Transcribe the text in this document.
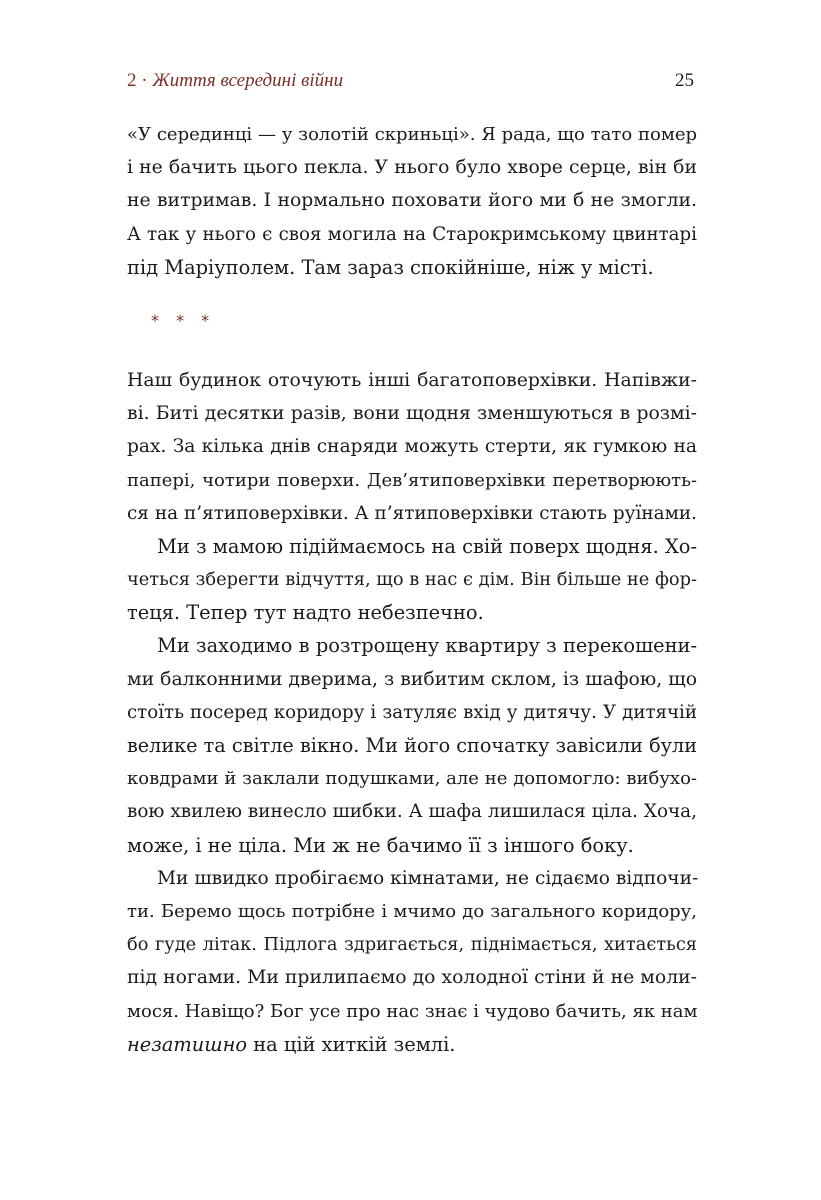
2 · Життя всередині війни	25
«У серединці — у золотій скриньці». Я рада, що тато помер
і не бачить цього пекла. У нього було хворе серце, він би
не витримав. І нормально поховати його ми б не змогли.
А так у нього є своя могила на Старокримському цвинтарі
під Маріуполем. Там зараз спокійніше, ніж у місті.
* * *
Наш будинок оточують інші багатоповерхівки. Напівжи-
ві. Биті десятки разів, вони щодня зменшуються в розмі-
рах. За кілька днів снаряди можуть стерти, як гумкою на
папері, чотири поверхи. Дев’ятиповерхівки перетворюють-
ся на п’ятиповерхівки. А п’ятиповерхівки стають руїнами.
Ми з мамою підіймаємось на свій поверх щодня. Хо-
четься зберегти відчуття, що в нас є дім. Він більше не фор-
теця. Тепер тут надто небезпечно.
Ми заходимо в розтрощену квартиру з перекошени-
ми балконними дверима, з вибитим склом, із шафою, що
стоїть посеред коридору і затуляє вхід у дитячу. У дитячій
велике та світле вікно. Ми його спочатку завісили були
ковдрами й заклали подушками, але не допомогло: вибухо-
вою хвилею винесло шибки. А шафа лишилася ціла. Хоча,
може, і не ціла. Ми ж не бачимо її з іншого боку.
Ми швидко пробігаємо кімнатами, не сідаємо відпочи-
ти. Беремо щось потрібне і мчимо до загального коридору,
бо гуде літак. Підлога здригається, піднімається, хитається
під ногами. Ми прилипаємо до холодної стіни й не моли-
мося. Навіщо? Бог усе про нас знає і чудово бачить, як нам
незатишно на цій хиткій землі.
